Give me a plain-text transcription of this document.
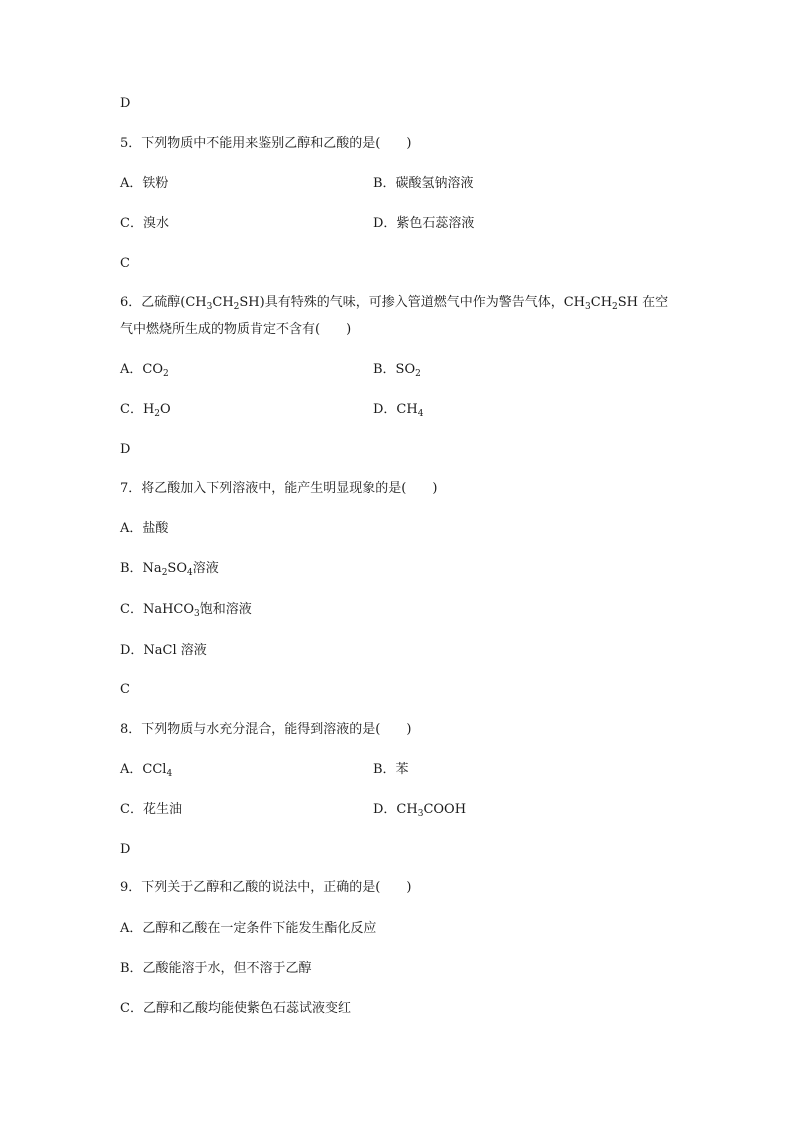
D
5．下列物质中不能用来鉴别乙醇和乙酸的是(　　)
A．铁粉	B．碳酸氢钠溶液
C．溴水	D．紫色石蕊溶液
C
6．乙硫醇$(CH_3CH_2SH)$具有特殊的气味，可掺入管道燃气中作为警告气体，$CH_3CH_2SH$ 在空
气中燃烧所生成的物质肯定不含有(　　)
A．$CO_2$	B．$SO_2$
C．$H_2O$	D．$CH_4$
D
7．将乙酸加入下列溶液中，能产生明显现象的是(　　)
A．盐酸
B．$Na_2SO_4$溶液
C．NaHCO$_3$饱和溶液
D．NaCl 溶液
C
8．下列物质与水充分混合，能得到溶液的是(　　)
A．CCl$_4$	B．苯
C．花生油	D．$CH_3COOH$
D
9．下列关于乙醇和乙酸的说法中，正确的是(　　)
A．乙醇和乙酸在一定条件下能发生酯化反应
B．乙酸能溶于水，但不溶于乙醇
C．乙醇和乙酸均能使紫色石蕊试液变红
